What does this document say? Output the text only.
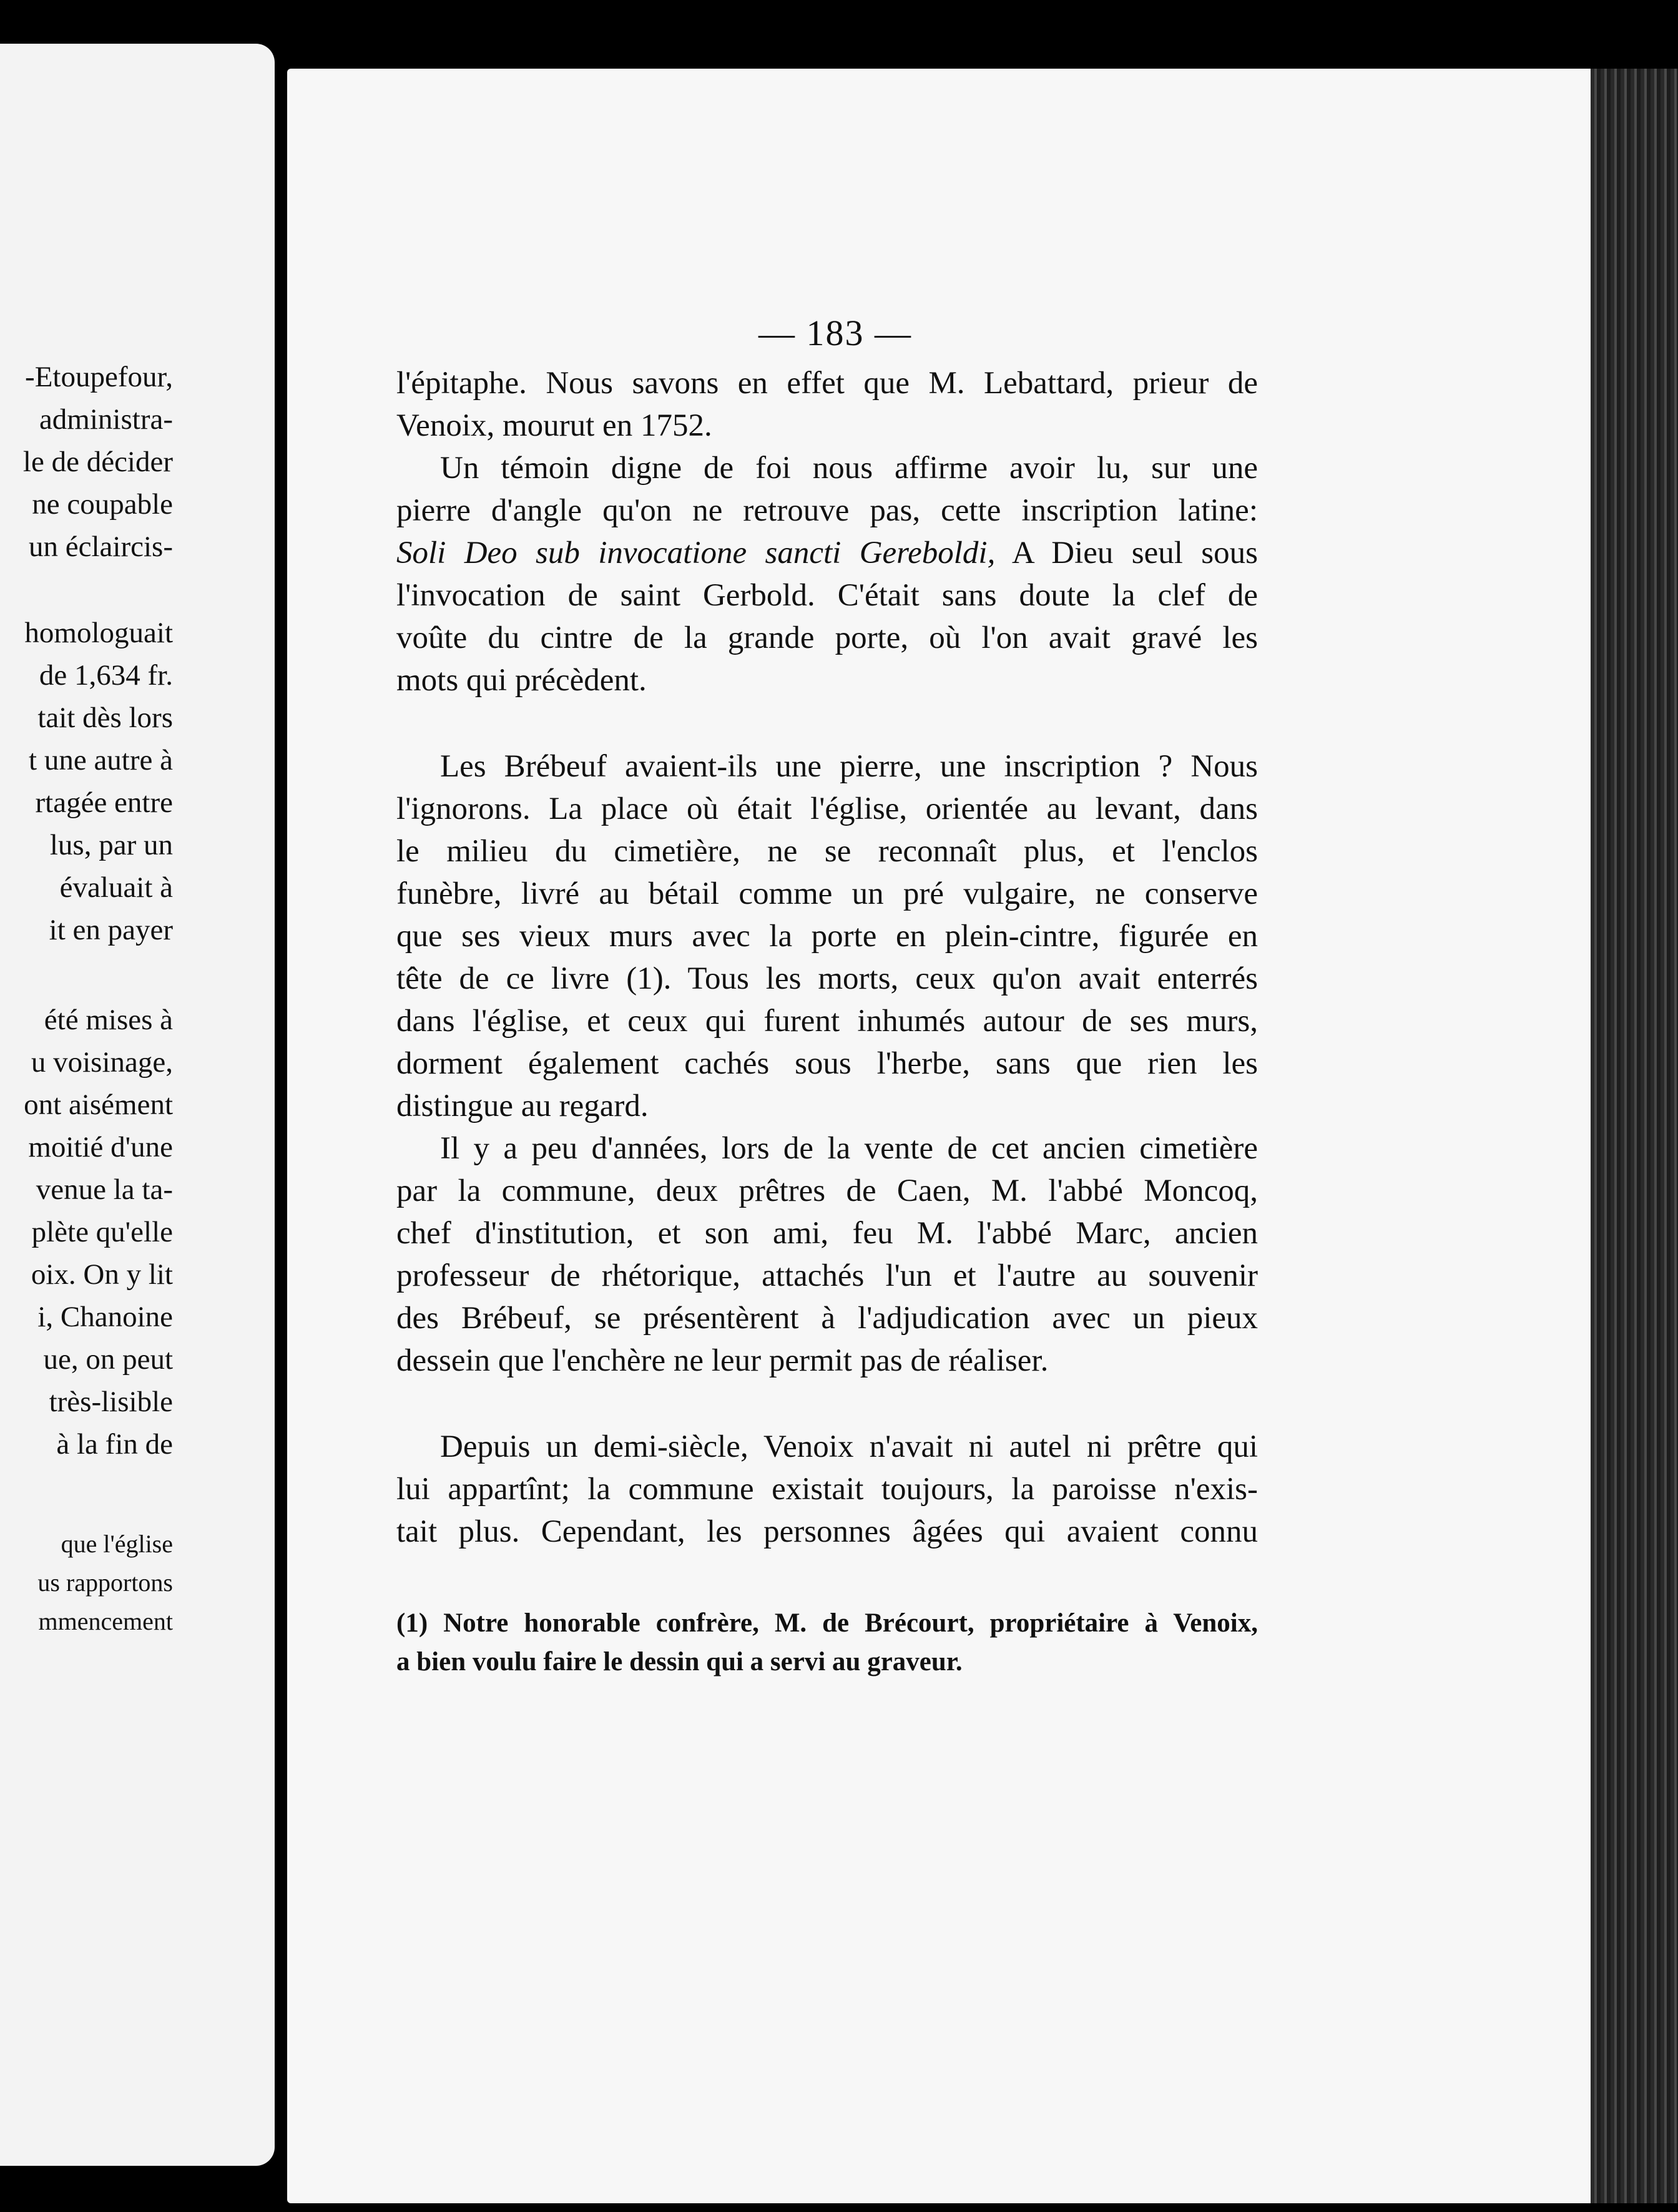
-Etoupefour,
administra-
le de décider
ne coupable
un éclaircis-
homologuait
de 1,634 fr.
tait dès lors
t une autre à
rtagée entre
lus, par un
évaluait à
it en payer
été mises à
u voisinage,
ont aisément
moitié d'une
venue la ta-
plète qu'elle
oix. On y lit
i, Chanoine
ue, on peut
très-lisible
à la fin de
que l'église
us rapportons
mmencement
— 183 —
l'épitaphe. Nous savons en effet que M. Lebattard, prieur de
Venoix, mourut en 1752.
Un témoin digne de foi nous affirme avoir lu, sur une
pierre d'angle qu'on ne retrouve pas, cette inscription latine:
Soli Deo sub invocatione sancti Gereboldi, A Dieu seul sous
l'invocation de saint Gerbold. C'était sans doute la clef de
voûte du cintre de la grande porte, où l'on avait gravé les
mots qui précèdent.
Les Brébeuf avaient-ils une pierre, une inscription ? Nous
l'ignorons. La place où était l'église, orientée au levant, dans
le milieu du cimetière, ne se reconnaît plus, et l'enclos
funèbre, livré au bétail comme un pré vulgaire, ne conserve
que ses vieux murs avec la porte en plein-cintre, figurée en
tête de ce livre (1). Tous les morts, ceux qu'on avait enterrés
dans l'église, et ceux qui furent inhumés autour de ses murs,
dorment également cachés sous l'herbe, sans que rien les
distingue au regard.
Il y a peu d'années, lors de la vente de cet ancien cimetière
par la commune, deux prêtres de Caen, M. l'abbé Moncoq,
chef d'institution, et son ami, feu M. l'abbé Marc, ancien
professeur de rhétorique, attachés l'un et l'autre au souvenir
des Brébeuf, se présentèrent à l'adjudication avec un pieux
dessein que l'enchère ne leur permit pas de réaliser.
Depuis un demi-siècle, Venoix n'avait ni autel ni prêtre qui
lui appartînt; la commune existait toujours, la paroisse n'exis-
tait plus. Cependant, les personnes âgées qui avaient connu
(1) Notre honorable confrère, M. de Brécourt, propriétaire à Venoix,
a bien voulu faire le dessin qui a servi au graveur.
